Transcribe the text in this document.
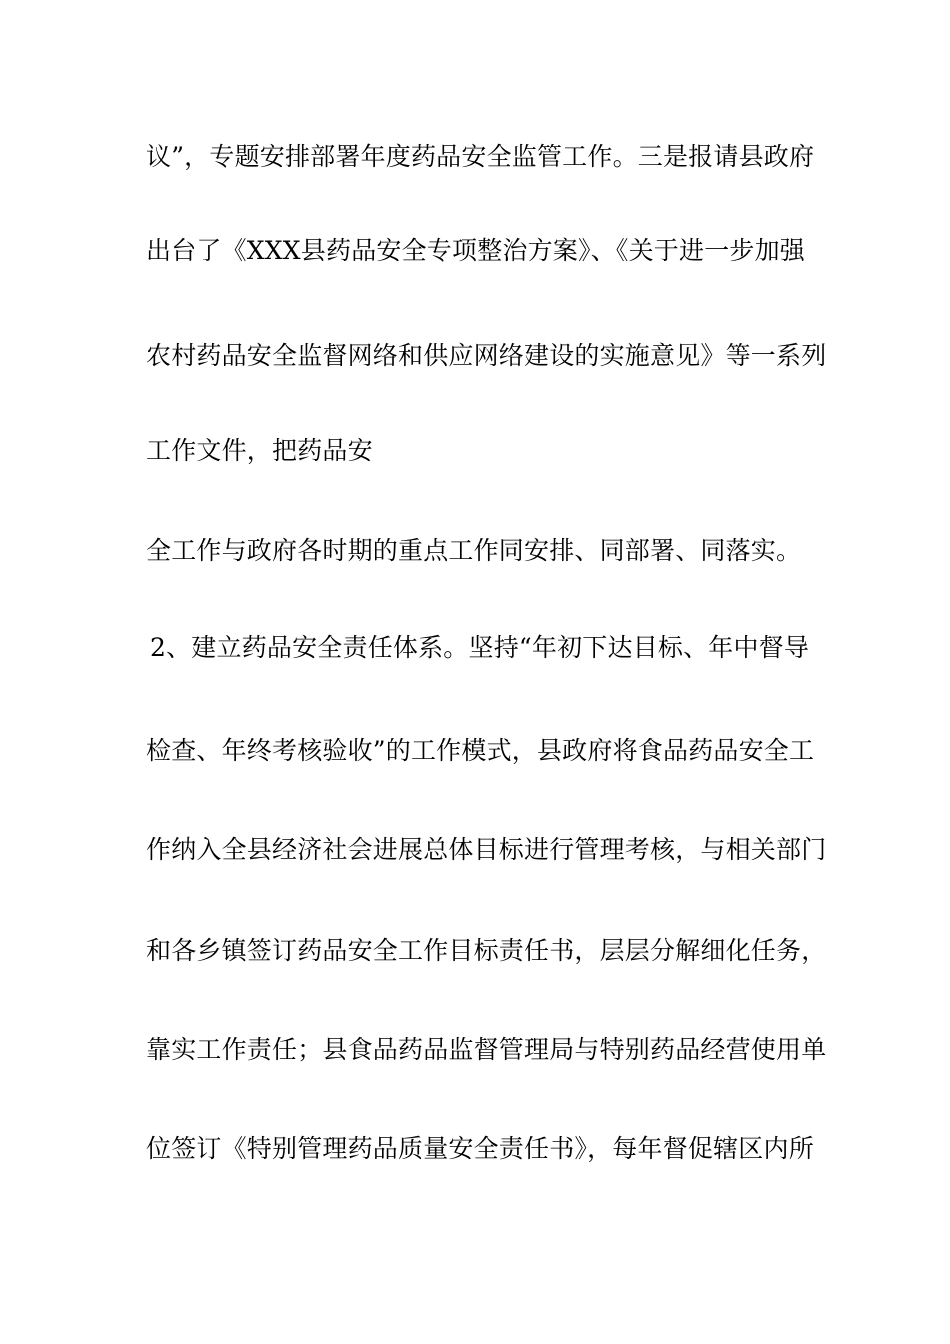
议”，专题安排部署年度药品安全监管工作。三是报请县政府
出台了《XXX县药品安全专项整治方案》、《关于进一步加强
农村药品安全监督网络和供应网络建设的实施意见》等一系列
工作文件，把药品安
全工作与政府各时期的重点工作同安排、同部署、同落实。
2、建立药品安全责任体系。坚持“年初下达目标、年中督导
检查、年终考核验收”的工作模式，县政府将食品药品安全工
作纳入全县经济社会进展总体目标进行管理考核，与相关部门
和各乡镇签订药品安全工作目标责任书，层层分解细化任务，
靠实工作责任；县食品药品监督管理局与特别药品经营使用单
位签订《特别管理药品质量安全责任书》，每年督促辖区内所
